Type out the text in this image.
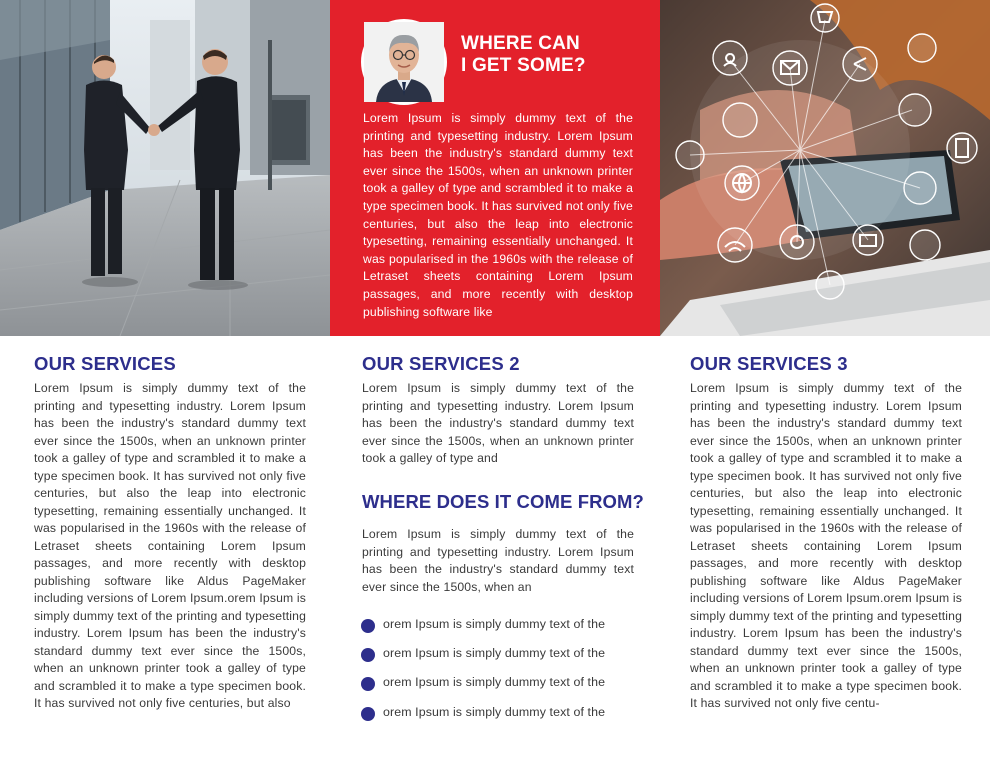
WHERE CAN
I GET SOME?

Lorem Ipsum is simply dummy text of the printing and typesetting industry. Lorem Ipsum has been the industry's standard dummy text ever since the 1500s, when an unknown printer took a galley of type and scrambled it to make a type specimen book. It has survived not only five centuries, but also the leap into electronic typesetting, remaining essentially unchanged. It was popularised in the 1960s with the release of Letraset sheets containing Lorem Ipsum passages, and more recently with desktop publishing software like

OUR SERVICES

Lorem Ipsum is simply dummy text of the printing and typesetting industry. Lorem Ipsum has been the industry's standard dummy text ever since the 1500s, when an unknown printer took a galley of type and scrambled it to make a type specimen book. It has survived not only five centuries, but also the leap into electronic typesetting, remaining essentially unchanged. It was popularised in the 1960s with the release of Letraset sheets containing Lorem Ipsum passages, and more recently with desktop publishing software like Aldus PageMaker including versions of Lorem Ipsum.orem Ipsum is simply dummy text of the printing and typesetting industry. Lorem Ipsum has been the industry's standard dummy text ever since the 1500s, when an unknown printer took a galley of type and scrambled it to make a type specimen book. It has survived not only five centuries, but also

OUR SERVICES 2

Lorem Ipsum is simply dummy text of the printing and typesetting industry. Lorem Ipsum has been the industry's standard dummy text ever since the 1500s, when an unknown printer took a galley of type and

WHERE DOES IT COME FROM?

Lorem Ipsum is simply dummy text of the printing and typesetting industry. Lorem Ipsum has been the industry's standard dummy text ever since the 1500s, when an

orem Ipsum is simply dummy text of the
orem Ipsum is simply dummy text of the
orem Ipsum is simply dummy text of the
orem Ipsum is simply dummy text of the
OUR SERVICES 3

Lorem Ipsum is simply dummy text of the printing and typesetting industry. Lorem Ipsum has been the industry's standard dummy text ever since the 1500s, when an unknown printer took a galley of type and scrambled it to make a type specimen book. It has survived not only five centuries, but also the leap into electronic typesetting, remaining essentially unchanged. It was popularised in the 1960s with the release of Letraset sheets containing Lorem Ipsum passages, and more recently with desktop publishing software like Aldus PageMaker including versions of Lorem Ipsum.orem Ipsum is simply dummy text of the printing and typesetting industry. Lorem Ipsum has been the industry's standard dummy text ever since the 1500s, when an unknown printer took a galley of type and scrambled it to make a type specimen book. It has survived not only five centu-
